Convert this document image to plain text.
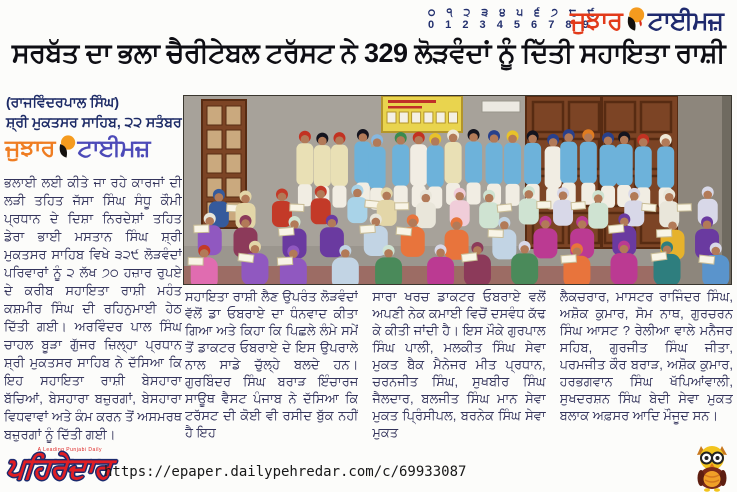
੦ ੧ ੨ ੩ ੪ ੫ ੬ ੭ ੮ ੯
0 1 2 3 4 5 6 7 8 9
ਜੁਝਾਰ ਟਾਈਮਜ਼
ਸਰਬੱਤ ਦਾ ਭਲਾ ਚੈਰੀਟੇਬਲ ਟਰੱਸਟ ਨੇ 329 ਲੋੜਵੰਦਾਂ ਨੂੰ ਦਿੱਤੀ ਸਹਾਇਤਾ ਰਾਸ਼ੀ
(ਰਾਜਵਿੰਦਰਪਾਲ ਸਿੰਘ)
ਸ਼੍ਰੀ ਮੁਕਤਸਰ ਸਾਹਿਬ, ੨੨ ਸਤੰਬਰ
ਜੁਝਾਰ ਟਾਈਮਜ਼
ਭਲਾਈ ਲਈ ਕੀਤੇ ਜਾ ਰਹੇ ਕਾਰਜਾਂ ਦੀ ਲੜੀ ਤਹਿਤ ਜੱਸਾ ਸਿੰਘ ਸੰਧੂ ਕੌਮੀ ਪ੍ਰਧਾਨ ਦੇ ਦਿਸ਼ਾ ਨਿਰਦੇਸ਼ਾਂ ਤਹਿਤ ਡੇਰਾ ਭਾਈ ਮਸਤਾਨ ਸਿੰਘ ਸ਼੍ਰੀ ਮੁਕਤਸਰ ਸਾਹਿਬ ਵਿਖੇ ੩੨੯ ਲੋੜਵੰਦਾਂ ਪਰਿਵਾਰਾਂ ਨੂੰ ੨ ਲੱਖ ੭੦ ਹਜ਼ਾਰ ਰੁਪਏ ਦੇ ਕਰੀਬ ਸਹਾਇਤਾ ਰਾਸ਼ੀ ਮਹੰਤ ਕਸ਼ਮੀਰ ਸਿੰਘ ਦੀ ਰਹਿਨੁਮਾਈ ਹੇਠ ਦਿੱਤੀ ਗਈ। ਅਰਵਿੰਦਰ ਪਾਲ ਸਿੰਘ ਚਾਹਲ ਬੂੜਾ ਗੁੱਜਰ ਜ਼ਿਲ੍ਹਾ ਪ੍ਰਧਾਨ ਸ਼੍ਰੀ ਮੁਕਤਸਰ ਸਾਹਿਬ ਨੇ ਦੱਸਿਆ ਕਿ ਇਹ ਸਹਾਇਤਾ ਰਾਸ਼ੀ ਬੇਸਹਾਰਾ ਬੱਚਿਆਂ, ਬੇਸਹਾਰਾ ਬਜ਼ੁਰਗਾਂ, ਬੇਸਹਾਰਾ ਵਿਧਵਾਵਾਂ ਅਤੇ ਕੰਮ ਕਰਨ ਤੋਂ ਅਸਮਰਥ ਬਜ਼ੁਰਗਾਂ ਨੂੰ ਦਿੱਤੀ ਗਈ।
ਸਹਾਇਤਾ ਰਾਸ਼ੀ ਲੈਣ ਉਪਰੰਤ ਲੋੜਵੰਦਾਂ ਵੱਲੋਂ ਡਾ ਓਬਰਾਏ ਦਾ ਧੰਨਵਾਦ ਕੀਤਾ ਗਿਆ ਅਤੇ ਕਿਹਾ ਕਿ ਪਿਛਲੇ ਲੰਮੇ ਸਮੇਂ ਤੋਂ ਡਾਕਟਰ ਓਬਰਾਏ ਦੇ ਇਸ ਉਪਰਾਲੇ ਨਾਲ ਸਾਡੇ ਚੁੱਲ੍ਹੇ ਬਲਦੇ ਹਨ। ਗੁਰਬਿੰਦਰ ਸਿੰਘ ਬਰਾੜ ਇੰਚਾਰਜ ਸਾਊਥ ਵੈਸਟ ਪੰਜਾਬ ਨੇ ਦੱਸਿਆ ਕਿ ਟਰੱਸਟ ਦੀ ਕੋਈ ਵੀ ਰਸੀਦ ਬੁੱਕ ਨਹੀਂ ਹੈ ਇਹ
ਸਾਰਾ ਖਰਚ ਡਾਕਟਰ ਓਬਰਾਏ ਵਲੋਂ ਅਪਣੀ ਨੇਕ ਕਮਾਈ ਵਿਚੋਂ ਦਸਵੰਧ ਕੱਢ ਕੇ ਕੀਤੀ ਜਾਂਦੀ ਹੈ। ਇਸ ਮੌਕੇ ਗੁਰਪਾਲ ਸਿੰਘ ਪਾਲੀ, ਮਲਕੀਤ ਸਿੰਘ ਸੇਵਾ ਮੁਕਤ ਬੈਕ ਮੈਨੇਜਰ ਮੀਤ ਪ੍ਰਧਾਨ, ਚਰਨਜੀਤ ਸਿੰਘ, ਸੁਖਬੀਰ ਸਿੰਘ ਜੈਲਦਾਰ, ਬਲਜੀਤ ਸਿੰਘ ਮਾਨ ਸੇਵਾ ਮੁਕਤ ਪ੍ਰਿੰਸੀਪਲ, ਬਰਨੇਕ ਸਿੰਘ ਸੇਵਾ ਮੁਕਤ
ਲੈਕਚਰਾਰ, ਮਾਸਟਰ ਰਾਜਿੰਦਰ ਸਿੰਘ, ਅਸ਼ੋਕ ਕੁਮਾਰ, ਸੋਮ ਨਾਥ, ਗੁਰਚਰਨ ਸਿੰਘ ਆਸਟ ? ਰੇਲੀਆ ਵਾਲੇ ਮਨੈਜਰ ਸਹਿਬ, ਗੁਰਜੀਤ ਸਿੰਘ ਜੀਤਾ, ਪਰਮਜੀਤ ਕੌਰ ਬਰਾੜ, ਅਸ਼ੋਕ ਕੁਮਾਰ, ਹਰਭਗਵਾਨ ਸਿੰਘ ਖੱਪਿਆਂਵਾਲੀ, ਸੁਖਦਰਸ਼ਨ ਸਿੰਘ ਬੇਦੀ ਸੇਵਾ ਮੁਕਤ ਬਲਾਕ ਅਫ਼ਸਰ ਆਦਿ ਮੌਜੂਦ ਸਨ।
A Leading Punjabi Daily
ਪਹਿਰੇਦਾਰ
https://epaper.dailypehredar.com/c/69933087
